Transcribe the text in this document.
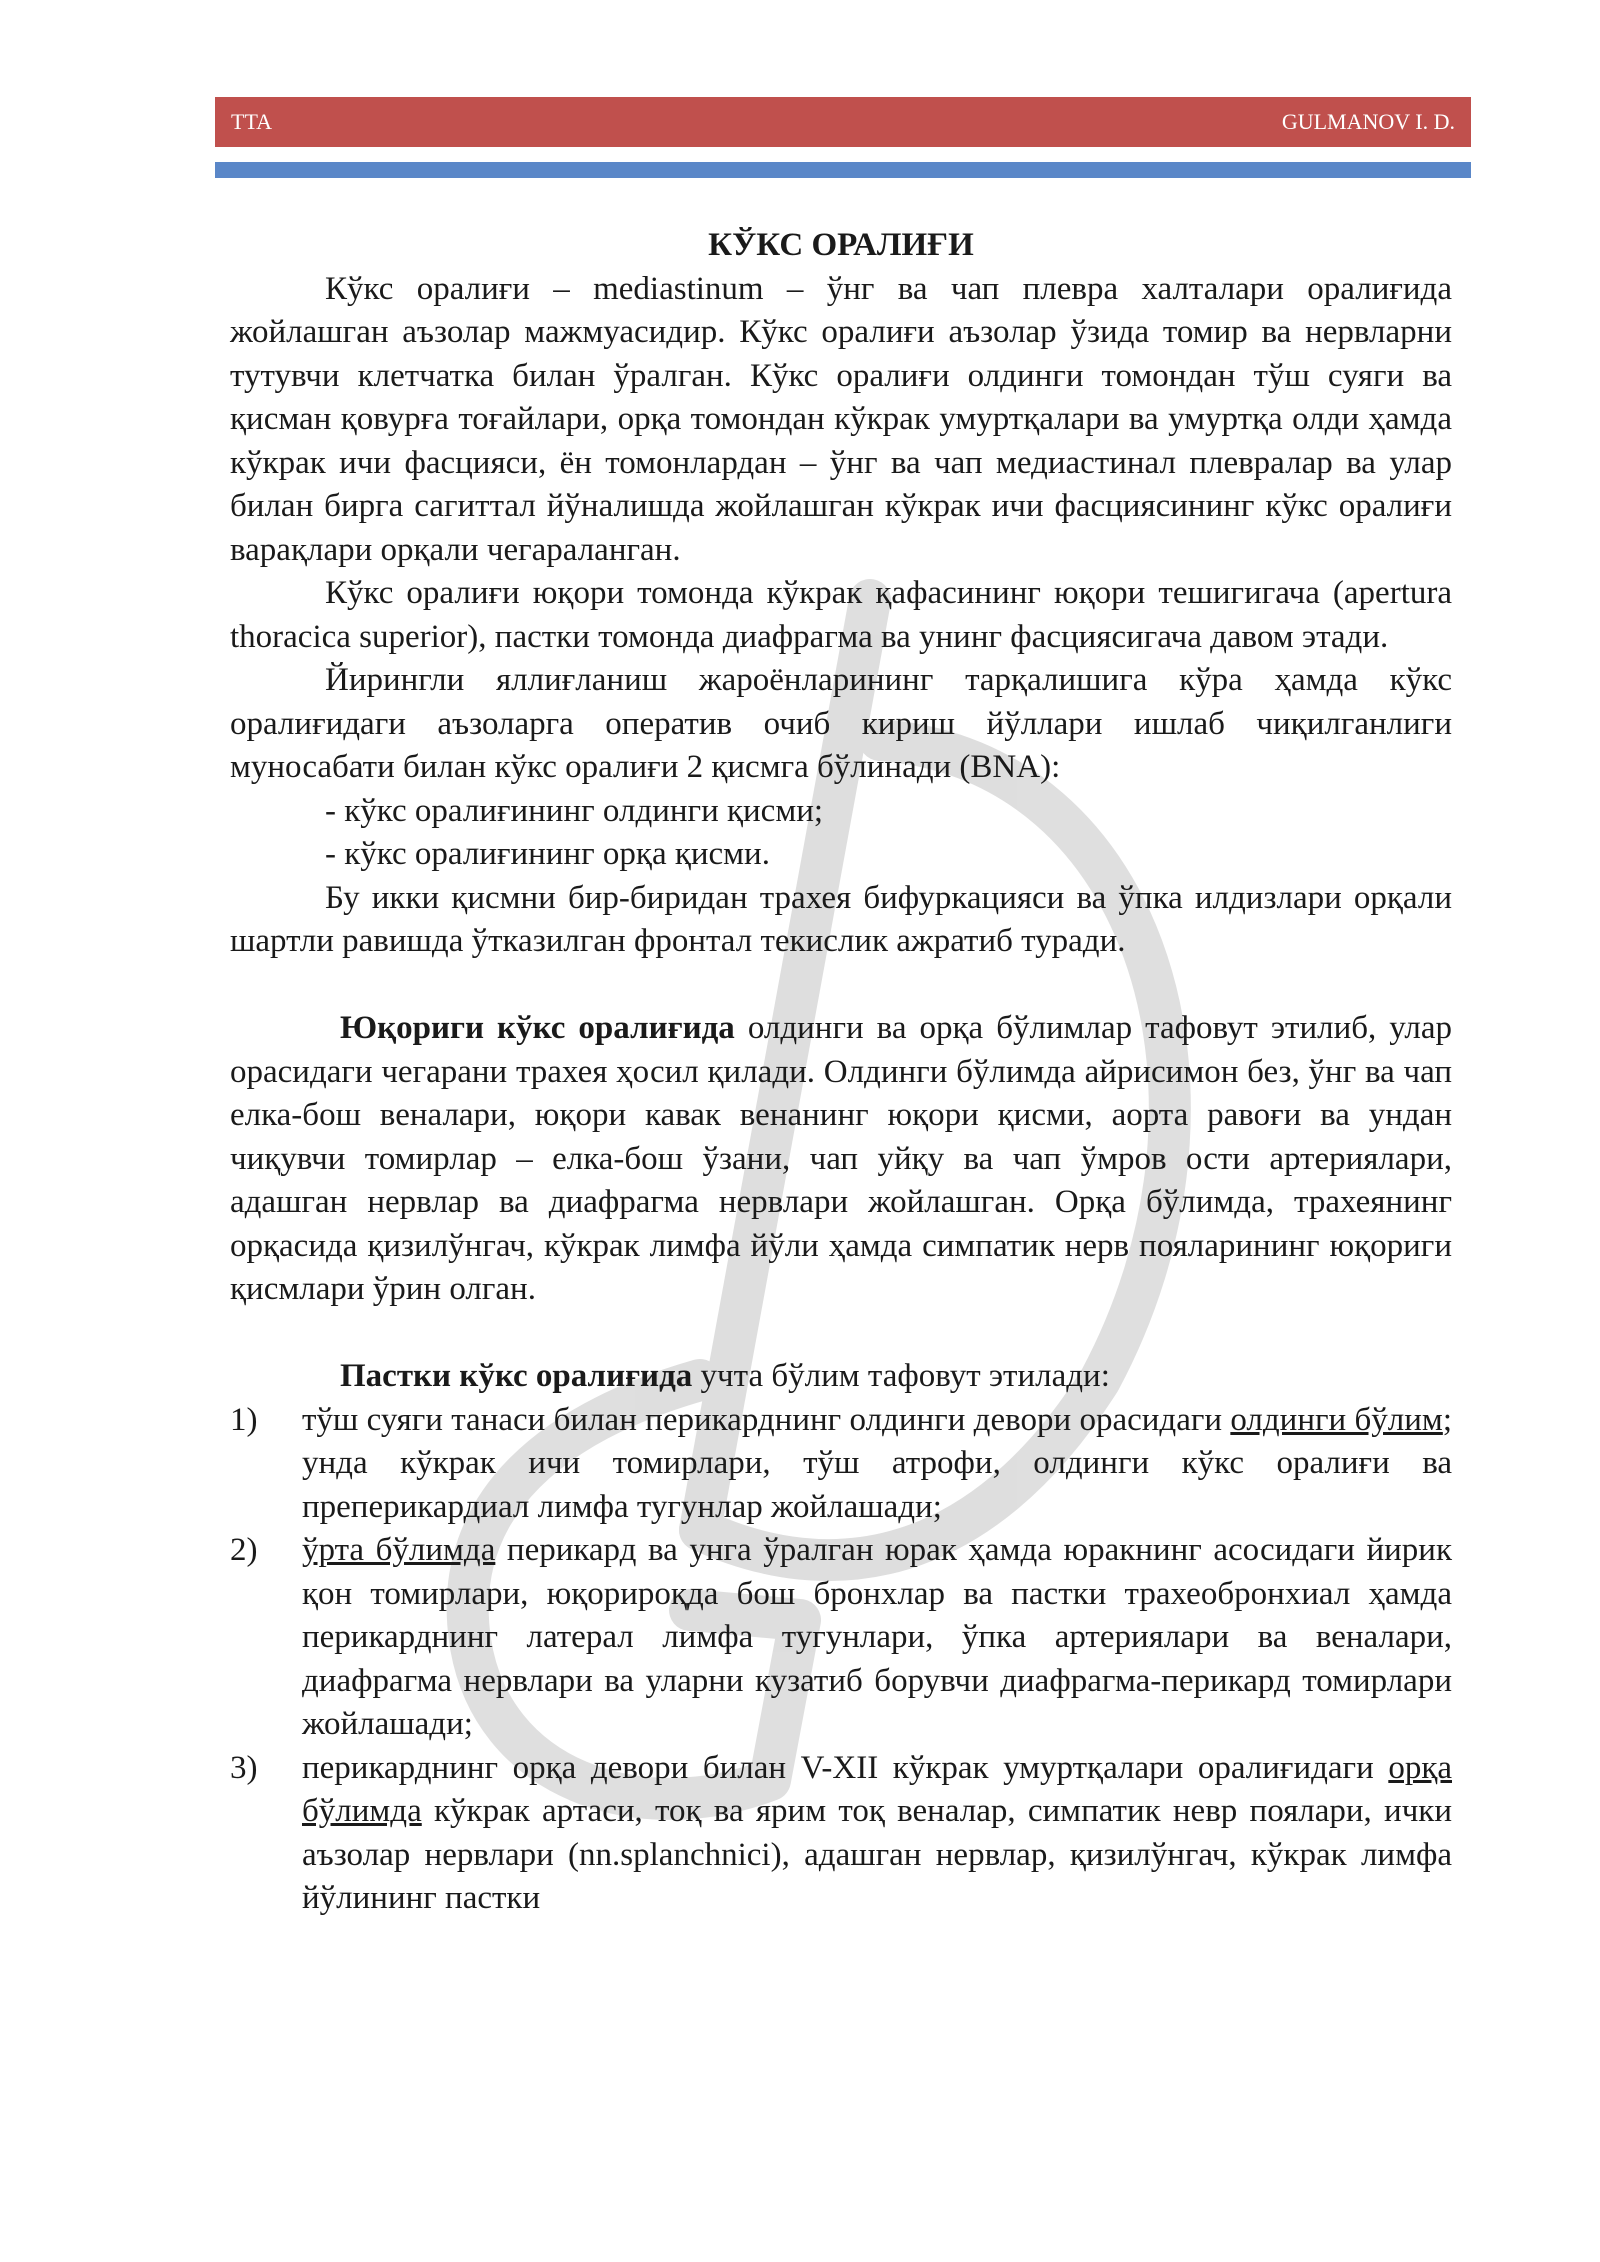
TTA	GULMANOV I. D.

КЎКС ОРАЛИҒИ

Кўкс оралиғи – mediastinum – ўнг ва чап плевра халталари оралиғида жойлашган аъзолар мажмуасидир. Кўкс оралиғи аъзолар ўзида томир ва нервларни тутувчи клетчатка билан ўралган. Кўкс оралиғи олдинги томондан тўш суяги ва қисман қовурға тоғайлари, орқа томондан кўкрак умуртқалари ва умуртқа олди ҳамда кўкрак ичи фасцияси, ён томонлардан – ўнг ва чап медиастинал плевралар ва улар билан бирга сагиттал йўналишда жойлашган кўкрак ичи фасциясининг кўкс оралиғи варақлари орқали чегараланган.

Кўкс оралиғи юқори томонда кўкрак қафасининг юқори тешигигача (apertura thoracica superior), пастки томонда диафрагма ва унинг фасциясигача давом этади.

Йирингли яллиғланиш жароёнларининг тарқалишига кўра ҳамда кўкс оралиғидаги аъзоларга оператив очиб кириш йўллари ишлаб чиқилганлиги муносабати билан кўкс оралиғи 2 қисмга бўлинади (BNA):

- кўкс оралиғининг олдинги қисми;

- кўкс оралиғининг орқа қисми.

Бу икки қисмни бир-биридан трахея бифуркацияси ва ўпка илдизлари орқали шартли равишда ўтказилган фронтал текислик ажратиб туради.

Юқориги кўкс оралиғида олдинги ва орқа бўлимлар тафовут этилиб, улар орасидаги чегарани трахея ҳосил қилади. Олдинги бўлимда айрисимон без, ўнг ва чап елка-бош веналари, юқори кавак венанинг юқори қисми, аорта равоғи ва ундан чиқувчи томирлар – елка-бош ўзани, чап уйқу ва чап ўмров ости артериялари, адашган нервлар ва диафрагма нервлари жойлашган. Орқа бўлимда, трахеянинг орқасида қизилўнгач, кўкрак лимфа йўли ҳамда симпатик нерв пояларининг юқориги қисмлари ўрин олган.

Пастки кўкс оралиғида учта бўлим тафовут этилади:

1) тўш суяги танаси билан перикарднинг олдинги девори орасидаги олдинги бўлим; унда кўкрак ичи томирлари, тўш атрофи, олдинги кўкс оралиғи ва преперикардиал лимфа тугунлар жойлашади;
2) ўрта бўлимда перикард ва унга ўралган юрак ҳамда юракнинг асосидаги йирик қон томирлари, юқорироқда бош бронхлар ва пастки трахеобронхиал ҳамда перикарднинг латерал лимфа тугунлари, ўпка артериялари ва веналари, диафрагма нервлари ва уларни кузатиб борувчи диафрагма-перикард томирлари жойлашади;
3) перикарднинг орқа девори билан V-XII кўкрак умуртқалари оралиғидаги орқа бўлимда кўкрак артаси, тоқ ва ярим тоқ веналар, симпатик невр поялари, ички аъзолар нервлари (nn.splanchnici), адашган нервлар, қизилўнгач, кўкрак лимфа йўлининг пастки
